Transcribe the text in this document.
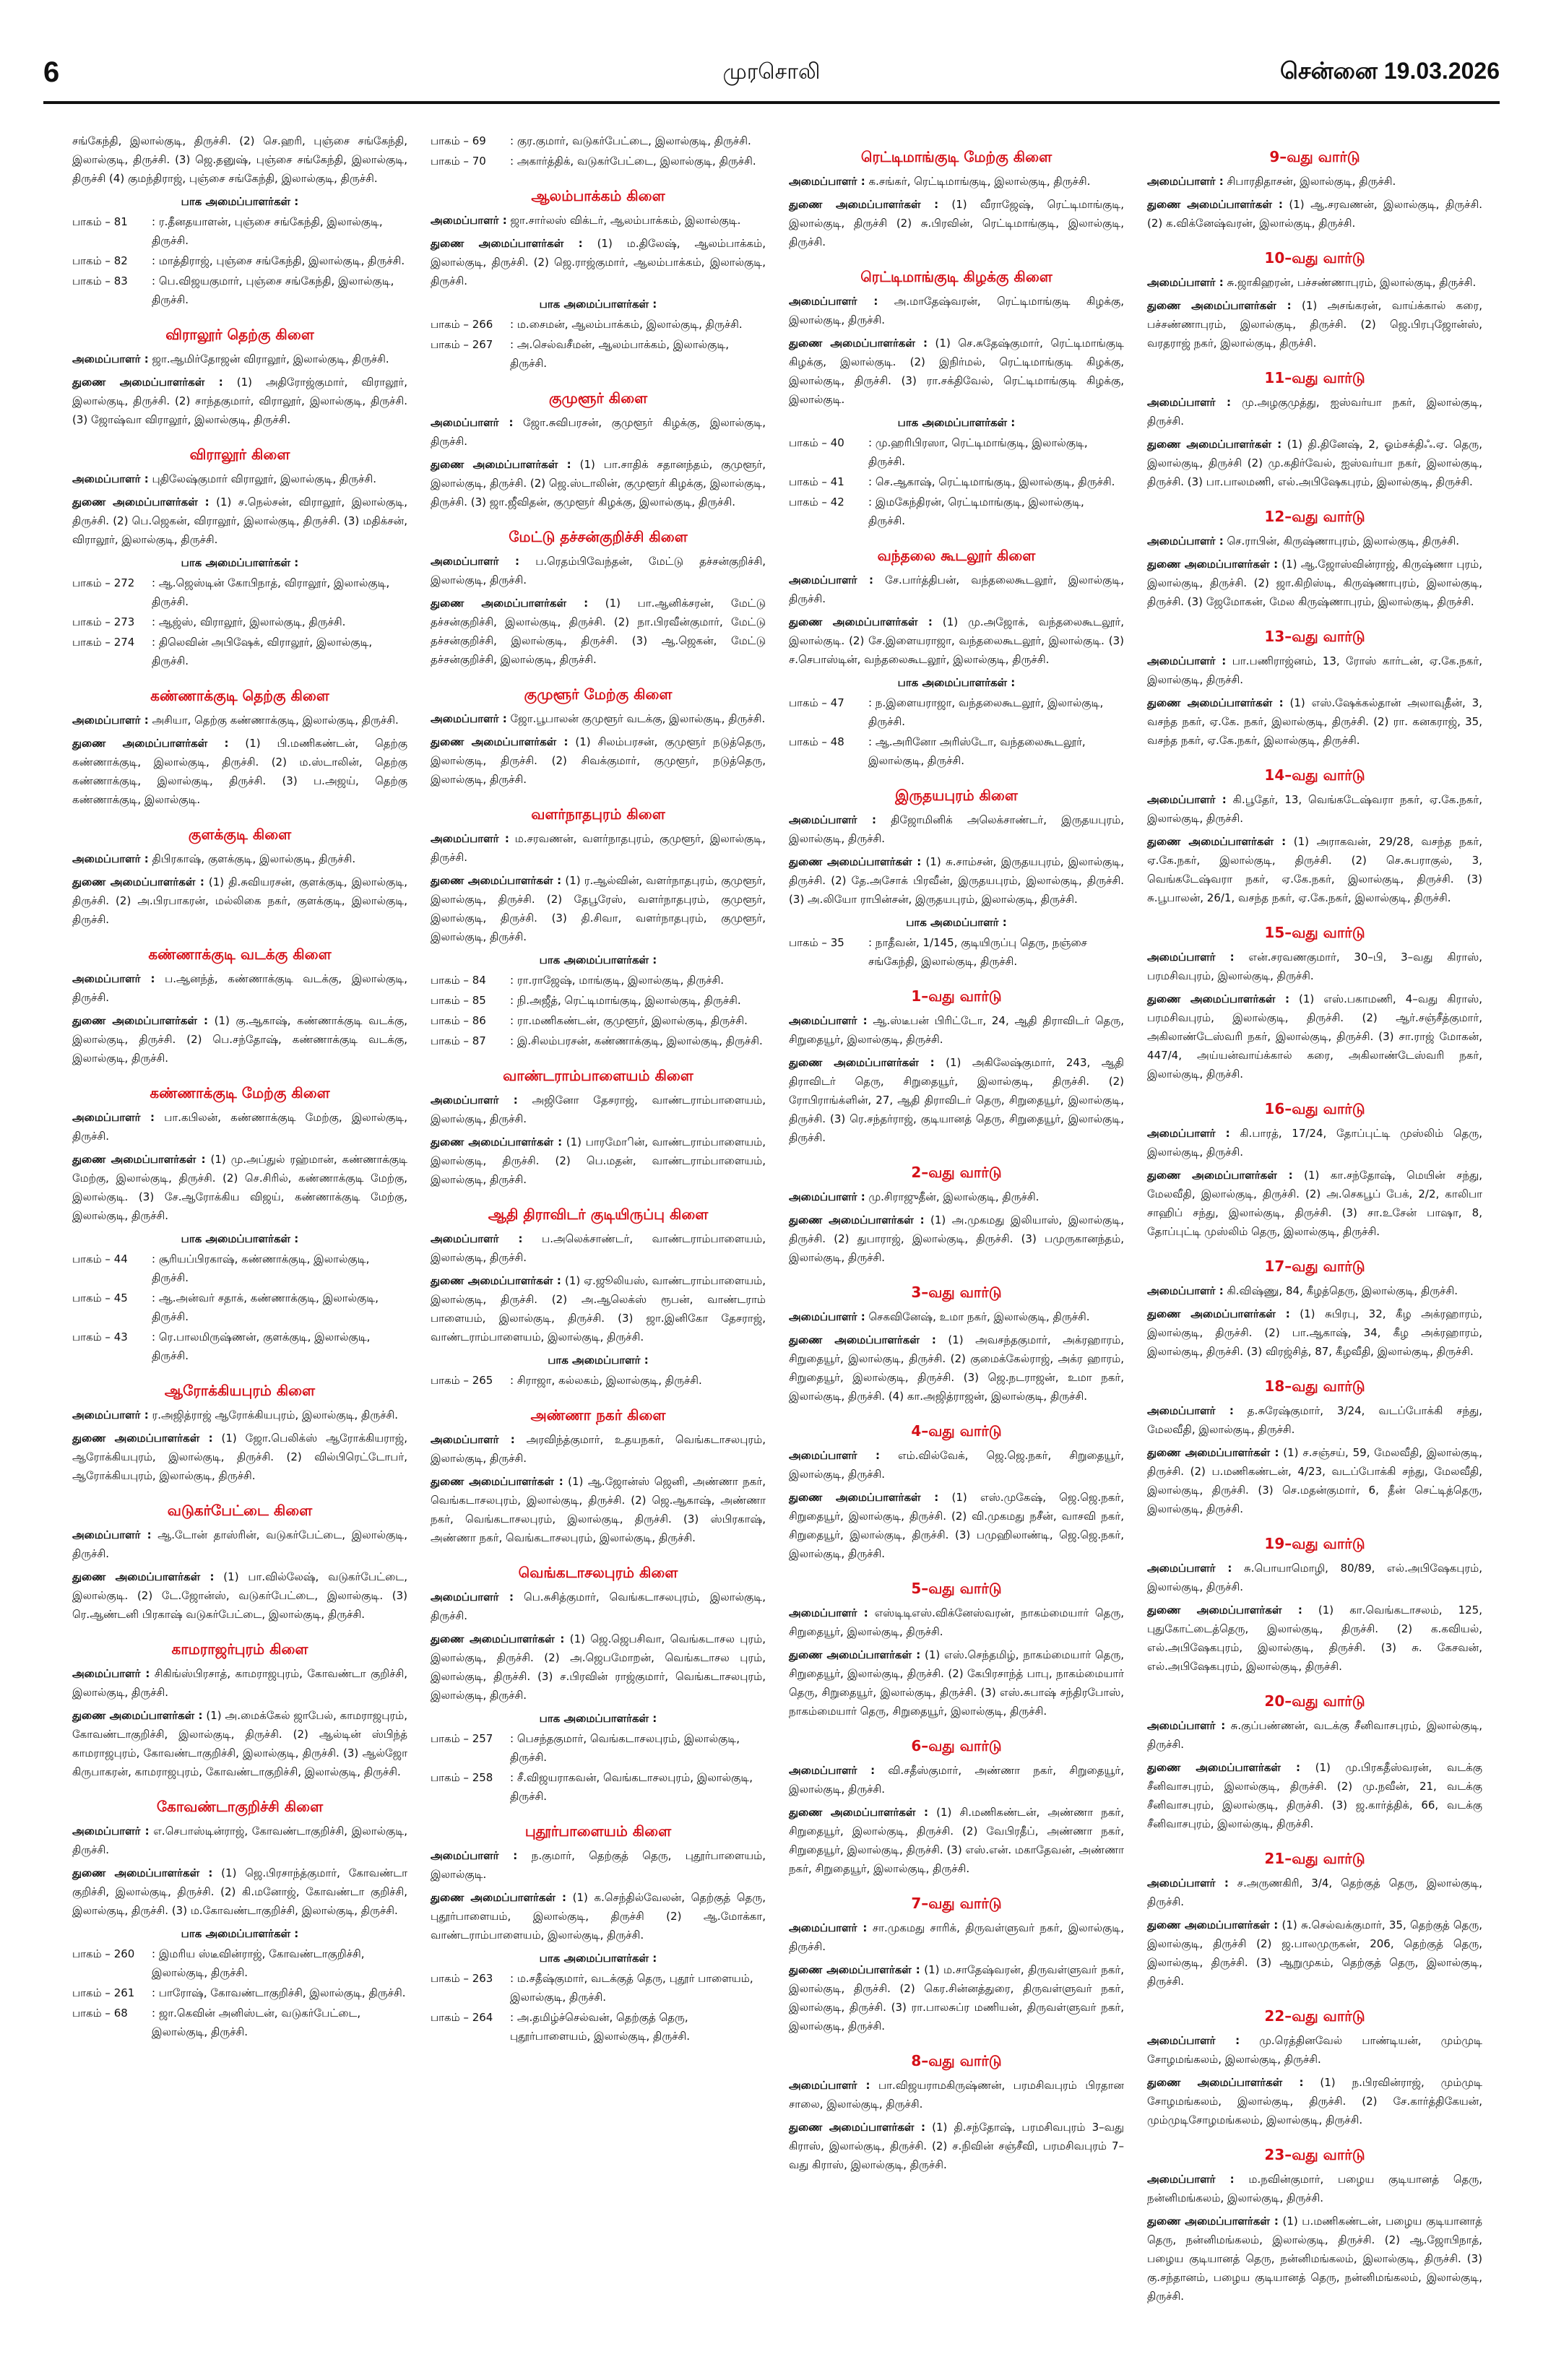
6	முரசொலி	சென்னை 19.03.2026
சங்கேந்தி, இலால்குடி, திருச்சி. (2) செ.ஹரி, புஞ்சை சங்கேந்தி, இலால்குடி, திருச்சி. (3) ஜெ.தனுஷ், புஞ்சை சங்கேந்தி, இலால்குடி, திருச்சி (4) குமந்திராஜ், புஞ்சை சங்கேந்தி, இலால்குடி, திருச்சி.
பாக அமைப்பாளர்கள் :
பாகம் – 81	: ர.தீனதயாளன், புஞ்சை சங்கேந்தி, இலால்குடி, திருச்சி.
பாகம் – 82	: மாத்திராஜ், புஞ்சை சங்கேந்தி, இலால்குடி, திருச்சி.
பாகம் – 83	: பெ.விஜயகுமார், புஞ்சை சங்கேந்தி, இலால்குடி, திருச்சி.
விராலூர் தெற்கு கிளை
அமைப்பாளர் : ஜா.ஆமிர்தோஜன் விராலூர், இலால்குடி, திருச்சி.
துணை அமைப்பாளர்கள் : (1) அதிரோஜ்குமார், விராலூர், இலால்குடி, திருச்சி. (2) சாந்தகுமார், விராலூர், இலால்குடி, திருச்சி. (3) ஜோஷ்வா விராலூர், இலால்குடி, திருச்சி.
விராலூர் கிளை
அமைப்பாளர் : புதிலேஷ்குமார் விராலூர், இலால்குடி, திருச்சி.
துணை அமைப்பாளர்கள் : (1) ச.நெல்சன், விராலூர், இலால்குடி, திருச்சி. (2) பெ.ஜெகன், விராலூர், இலால்குடி, திருச்சி. (3) மதிக்சன், விராலூர், இலால்குடி, திருச்சி.
பாக அமைப்பாளர்கள் :
பாகம் – 272	: ஆ.ஜெஸ்டின் கோபிநாத், விராலூர், இலால்குடி, திருச்சி.
பாகம் – 273	: ஆஜ்ஸ், விராலூர், இலால்குடி, திருச்சி.
பாகம் – 274	: திலெவின் அபிஷேக், விராலூர், இலால்குடி, திருச்சி.
கண்ணாக்குடி தெற்கு கிளை
அமைப்பாளர் : அசியா, தெற்கு கண்ணாக்குடி, இலால்குடி, திருச்சி.
துணை அமைப்பாளர்கள் : (1) பி.மணிகண்டன், தெற்கு கண்ணாக்குடி, இலால்குடி, திருச்சி. (2) ம.ஸ்டாலின், தெற்கு கண்ணாக்குடி, இலால்குடி, திருச்சி. (3) ப.அஜய், தெற்கு கண்ணாக்குடி, இலால்குடி.
குளக்குடி கிளை
அமைப்பாளர் : திபிரகாஷ், குளக்குடி, இலால்குடி, திருச்சி.
துணை அமைப்பாளர்கள் : (1) தி.சுவியரசன், குளக்குடி, இலால்குடி, திருச்சி. (2) அ.பிரபாகரன், மல்லிகை நகர், குளக்குடி, இலால்குடி, திருச்சி.
கண்ணாக்குடி வடக்கு கிளை
அமைப்பாளர் : ப.ஆனந்த், கண்ணாக்குடி வடக்கு, இலால்குடி, திருச்சி.
துணை அமைப்பாளர்கள் : (1) கு.ஆகாஷ், கண்ணாக்குடி வடக்கு, இலால்குடி, திருச்சி. (2) பெ.சந்தோஷ், கண்ணாக்குடி வடக்கு, இலால்குடி, திருச்சி.
கண்ணாக்குடி மேற்கு கிளை
அமைப்பாளர் : பா.கபிலன், கண்ணாக்குடி மேற்கு, இலால்குடி, திருச்சி.
துணை அமைப்பாளர்கள் : (1) மு.அப்துல் ரஹ்மான், கண்ணாக்குடி மேற்கு, இலால்குடி, திருச்சி. (2) செ.சிரில், கண்ணாக்குடி மேற்கு, இலால்குடி. (3) சே.ஆரோக்கிய விஜய், கண்ணாக்குடி மேற்கு, இலால்குடி, திருச்சி.
பாக அமைப்பாளர்கள் :
பாகம் – 44	: சூரியப்பிரகாஷ், கண்ணாக்குடி, இலால்குடி, திருச்சி.
பாகம் – 45	: ஆ.அன்வர் சதாக், கண்ணாக்குடி, இலால்குடி, திருச்சி.
பாகம் – 43	: ரெ.பாலமிருஷ்ணன், குளக்குடி, இலால்குடி, திருச்சி.
ஆரோக்கியபுரம் கிளை
அமைப்பாளர் : ர.அஜித்ராஜ் ஆரோக்கியபுரம், இலால்குடி, திருச்சி.
துணை அமைப்பாளர்கள் : (1) ஜோ.பெலிக்ஸ் ஆரோக்கியராஜ், ஆரோக்கியபுரம், இலால்குடி, திருச்சி. (2) வில்பிரெட்டோபர், ஆரோக்கியபுரம், இலால்குடி, திருச்சி.
வடுகர்பேட்டை கிளை
அமைப்பாளர் : ஆ.டோன் தாஸ்ரின், வடுகர்பேட்டை, இலால்குடி, திருச்சி.
துணை அமைப்பாளர்கள் : (1) பா.வில்லேஷ், வடுகர்பேட்டை, இலால்குடி. (2) டே.ஜோன்ஸ், வடுகர்பேட்டை, இலால்குடி. (3) ரெ.ஆண்டனி பிரகாஷ் வடுகர்பேட்டை, இலால்குடி, திருச்சி.
காமராஜர்புரம் கிளை
அமைப்பாளர் : சிகிங்ஸ்பிரசாத், காமராஜபுரம், கோவண்டா குறிச்சி, இலால்குடி, திருச்சி.
துணை அமைப்பாளர்கள் : (1) அ.மைக்கேல் ஜாபேல், காமராஜபுரம், கோவண்டாகுறிச்சி, இலால்குடி, திருச்சி. (2) ஆல்டின் ஸ்பிந்த் காமராஜபுரம், கோவண்டாகுறிச்சி, இலால்குடி, திருச்சி. (3) ஆல்ஜோ கிருபாகரன், காமராஜபுரம், கோவண்டாகுறிச்சி, இலால்குடி, திருச்சி.
கோவண்டாகுறிச்சி கிளை
அமைப்பாளர் : எ.செபாஸ்டின்ராஜ், கோவண்டாகுறிச்சி, இலால்குடி, திருச்சி.
துணை அமைப்பாளர்கள் : (1) ஜெ.பிரசாந்த்குமார், கோவண்டா குறிச்சி, இலால்குடி, திருச்சி. (2) கி.மனோஜ், கோவண்டா குறிச்சி, இலால்குடி, திருச்சி. (3) ம.கோவண்டாகுறிச்சி, இலால்குடி, திருச்சி.
பாக அமைப்பாளர்கள் :
பாகம் – 260	: இமரிய ஸ்டீவின்ராஜ், கோவண்டாகுறிச்சி, இலால்குடி, திருச்சி.
பாகம் – 261	: பாரோஷ், கோவண்டாகுறிச்சி, இலால்குடி, திருச்சி.
பாகம் – 68	: ஜா.கெவின் அனிஸ்டன், வடுகர்பேட்டை, இலால்குடி, திருச்சி.
பாகம் – 69	: குர.குமார், வடுகர்பேட்டை, இலால்குடி, திருச்சி.
பாகம் – 70	: அகார்த்திக், வடுகர்பேட்டை, இலால்குடி, திருச்சி.
ஆலம்பாக்கம் கிளை
அமைப்பாளர் : ஜா.சார்லஸ் விக்டர், ஆலம்பாக்கம், இலால்குடி.
துணை அமைப்பாளர்கள் : (1) ம.திலேஷ், ஆலம்பாக்கம், இலால்குடி, திருச்சி. (2) ஜெ.ராஜ்குமார், ஆலம்பாக்கம், இலால்குடி, திருச்சி.
பாக அமைப்பாளர்கள் :
பாகம் – 266	: ம.சைமன், ஆலம்பாக்கம், இலால்குடி, திருச்சி.
பாகம் – 267	: அ.செல்வசீமன், ஆலம்பாக்கம், இலால்குடி, திருச்சி.
குமுளூர் கிளை
அமைப்பாளர் : ஜோ.சுவிபரசன், குமுளூர் கிழக்கு, இலால்குடி, திருச்சி.
துணை அமைப்பாளர்கள் : (1) பா.சாதிக் சதானந்தம், குமுளூர், இலால்குடி, திருச்சி. (2) ஜெ.ஸ்டாலின், குமுளூர் கிழக்கு, இலால்குடி, திருச்சி. (3) ஜா.ஜீவிதன், குமுளூர் கிழக்கு, இலால்குடி, திருச்சி.
மேட்டு தச்சன்குறிச்சி கிளை
அமைப்பாளர் : ப.ரெதம்பிவேந்தன், மேட்டு தச்சன்குறிச்சி, இலால்குடி, திருச்சி.
துணை அமைப்பாளர்கள் : (1) பா.ஆனிக்சரன், மேட்டு தச்சன்குறிச்சி, இலால்குடி, திருச்சி. (2) நா.பிரவீன்குமார், மேட்டு தச்சன்குறிச்சி, இலால்குடி, திருச்சி. (3) ஆ.ஜெகன், மேட்டு தச்சன்குறிச்சி, இலால்குடி, திருச்சி.
குமுளூர் மேற்கு கிளை
அமைப்பாளர் : ஜோ.பூபாலன் குமுளூர் வடக்கு, இலால்குடி, திருச்சி.
துணை அமைப்பாளர்கள் : (1) சிலம்பரசன், குமுளூர் நடுத்தெரு, இலால்குடி, திருச்சி. (2) சிவக்குமார், குமுளூர், நடுத்தெரு, இலால்குடி, திருச்சி.
வளர்நாதபுரம் கிளை
அமைப்பாளர் : ம.சரவணன், வளர்நாதபுரம், குமுளூர், இலால்குடி, திருச்சி.
துணை அமைப்பாளர்கள் : (1) ர.ஆல்வின், வளர்நாதபுரம், குமுளூர், இலால்குடி, திருச்சி. (2) தேபூரேஸ், வளர்நாதபுரம், குமுளூர், இலால்குடி, திருச்சி. (3) தி.சிவா, வளர்நாதபுரம், குமுளூர், இலால்குடி, திருச்சி.
பாக அமைப்பாளர்கள் :
பாகம் – 84	: ரா.ராஜேஷ், மாங்குடி, இலால்குடி, திருச்சி.
பாகம் – 85	: நி.அஜீத், ரெட்டிமாங்குடி, இலால்குடி, திருச்சி.
பாகம் – 86	: ரா.மணிகண்டன், குமுளூர், இலால்குடி, திருச்சி.
பாகம் – 87	: இ.சிலம்பரசன், கண்ணாக்குடி, இலால்குடி, திருச்சி.
வாண்டராம்பாளையம் கிளை
அமைப்பாளர் : அஜினோ தேசராஜ், வாண்டராம்பாளையம், இலால்குடி, திருச்சி.
துணை அமைப்பாளர்கள் : (1) பாரமோின், வாண்டராம்பாளையம், இலால்குடி, திருச்சி. (2) பெ.மதன், வாண்டராம்பாளையம், இலால்குடி, திருச்சி.
ஆதி திராவிடர் குடியிருப்பு கிளை
அமைப்பாளர் : ப.அலெக்சாண்டர், வாண்டராம்பாளையம், இலால்குடி, திருச்சி.
துணை அமைப்பாளர்கள் : (1) ஏ.ஜூலியஸ், வாண்டராம்பாளையம், இலால்குடி, திருச்சி. (2) அ.ஆலெக்ஸ் ரூபன், வாண்டராம் பாளையம், இலால்குடி, திருச்சி. (3) ஜா.இனிகோ தேசராஜ், வாண்டராம்பாளையம், இலால்குடி, திருச்சி.
பாக அமைப்பாளர் :
பாகம் – 265	: சிராஜா, கல்லகம், இலால்குடி, திருச்சி.
அண்ணா நகர் கிளை
அமைப்பாளர் : அரவிந்த்குமார், உதயநகர், வெங்கடாசலபுரம், இலால்குடி, திருச்சி.
துணை அமைப்பாளர்கள் : (1) ஆ.ஜோன்ஸ் ஜெனி, அண்ணா நகர், வெங்கடாசலபுரம், இலால்குடி, திருச்சி. (2) ஜெ.ஆகாஷ், அண்ணா நகர், வெங்கடாசலபுரம், இலால்குடி, திருச்சி. (3) ஸ்பிரகாஷ், அண்ணா நகர், வெங்கடாசலபுரம், இலால்குடி, திருச்சி.
வெங்கடாசலபுரம் கிளை
அமைப்பாளர் : பெ.சுசித்குமார், வெங்கடாசலபுரம், இலால்குடி, திருச்சி.
துணை அமைப்பாளர்கள் : (1) ஜெ.ஜெபசிவா, வெங்கடாசல புரம், இலால்குடி, திருச்சி. (2) அ.ஜெபமோறன், வெங்கடாசல புரம், இலால்குடி, திருச்சி. (3) ச.பிரவின் ராஜ்குமார், வெங்கடாசலபுரம், இலால்குடி, திருச்சி.
பாக அமைப்பாளர்கள் :
பாகம் – 257	: பெசந்தகுமார், வெங்கடாசலபுரம், இலால்குடி, திருச்சி.
பாகம் – 258	: சீ.விஜயராகவன், வெங்கடாசலபுரம், இலால்குடி, திருச்சி.
புதூர்பாளையம் கிளை
அமைப்பாளர் : ந.குமார், தெற்குத் தெரு, புதூர்பாளையம், இலால்குடி.
துணை அமைப்பாளர்கள் : (1) க.செந்தில்வேலன், தெற்குத் தெரு, புதூர்பாளையம், இலால்குடி, திருச்சி (2) ஆ.மோக்கா, வாண்டராம்பாளையம், இலால்குடி, திருச்சி.
பாக அமைப்பாளர்கள் :
பாகம் – 263	: ம.சதீஷ்குமார், வடக்குத் தெரு, புதூர் பாளையம், இலால்குடி, திருச்சி.
பாகம் – 264	: அ.தமிழ்ச்செல்வன், தெற்குத் தெரு, புதூர்பாளையம், இலால்குடி, திருச்சி.
ரெட்டிமாங்குடி மேற்கு கிளை
அமைப்பாளர் : க.சங்கர், ரெட்டிமாங்குடி, இலால்குடி, திருச்சி.
துணை அமைப்பாளர்கள் : (1) வீராஜேஷ், ரெட்டிமாங்குடி, இலால்குடி, திருச்சி (2) சு.பிரவின், ரெட்டிமாங்குடி, இலால்குடி, திருச்சி.
ரெட்டிமாங்குடி கிழக்கு கிளை
அமைப்பாளர் : அ.மாதேஷ்வரன், ரெட்டிமாங்குடி கிழக்கு, இலால்குடி, திருச்சி.
துணை அமைப்பாளர்கள் : (1) செ.சுதேஷ்குமார், ரெட்டிமாங்குடி கிழக்கு, இலால்குடி. (2) இநிர்மல், ரெட்டிமாங்குடி கிழக்கு, இலால்குடி, திருச்சி. (3) ரா.சக்திவேல், ரெட்டிமாங்குடி கிழக்கு, இலால்குடி.
பாக அமைப்பாளர்கள் :
பாகம் – 40	: மு.ஹரிபிரஸா, ரெட்டிமாங்குடி, இலால்குடி, திருச்சி.
பாகம் – 41	: செ.ஆகாஷ், ரெட்டிமாங்குடி, இலால்குடி, திருச்சி.
பாகம் – 42	: இமகேந்திரன், ரெட்டிமாங்குடி, இலால்குடி, திருச்சி.
வந்தலை கூடலூர் கிளை
அமைப்பாளர் : சே.பார்த்திபன், வந்தலைகூடலூர், இலால்குடி, திருச்சி.
துணை அமைப்பாளர்கள் : (1) மு.அஜோக், வந்தலைகூடலூர், இலால்குடி. (2) சே.இளையராஜா, வந்தலைகூடலூர், இலால்குடி. (3) ச.செபாஸ்டின், வந்தலைகூடலூர், இலால்குடி, திருச்சி.
பாக அமைப்பாளர்கள் :
பாகம் – 47	: ந.இளையராஜா, வந்தலைகூடலூர், இலால்குடி, திருச்சி.
பாகம் – 48	: ஆ.அரினோ அரிஸ்டோ, வந்தலைகூடலூர், இலால்குடி, திருச்சி.
இருதயபுரம் கிளை
அமைப்பாளர் : திஜோமினிக் அலெக்சாண்டர், இருதயபுரம், இலால்குடி, திருச்சி.
துணை அமைப்பாளர்கள் : (1) சு.சாம்சன், இருதயபுரம், இலால்குடி, திருச்சி. (2) தே.அசோக் பிரவீன், இருதயபுரம், இலால்குடி, திருச்சி. (3) அ.லியோ ராபின்சன், இருதயபுரம், இலால்குடி, திருச்சி.
பாக அமைப்பாளர் :
பாகம் – 35	: நாதீவன், 1/145, குடியிருப்பு தெரு, நஞ்சை சங்கேந்தி, இலால்குடி, திருச்சி.
1–வது வார்டு
அமைப்பாளர் : ஆ.ஸ்டீபன் பிரிட்டோ, 24, ஆதி திராவிடர் தெரு, சிறுதையூர், இலால்குடி, திருச்சி.
துணை அமைப்பாளர்கள் : (1) அகிலேஷ்குமார், 243, ஆதி திராவிடர் தெரு, சிறுதையூர், இலால்குடி, திருச்சி. (2) ரோபிராங்க்ளின், 27, ஆதி திராவிடர் தெரு, சிறுதையூர், இலால்குடி, திருச்சி. (3) ரெ.சந்தர்ராஜ், குடியானத் தெரு, சிறுதையூர், இலால்குடி, திருச்சி.
2–வது வார்டு
அமைப்பாளர் : மு.சிராஜுதீன், இலால்குடி, திருச்சி.
துணை அமைப்பாளர்கள் : (1) அ.முகமது இலியாஸ், இலால்குடி, திருச்சி. (2) துபாராஜ், இலால்குடி, திருச்சி. (3) பமுருகானந்தம், இலால்குடி, திருச்சி.
3–வது வார்டு
அமைப்பாளர் : செகவினேஷ், உமா நகர், இலால்குடி, திருச்சி.
துணை அமைப்பாளர்கள் : (1) அவசந்தகுமார், அக்ரஹாரம், சிறுதையூர், இலால்குடி, திருச்சி. (2) குமைக்கேல்ராஜ், அக்ர ஹாரம், சிறுதையூர், இலால்குடி, திருச்சி. (3) ஜெ.நடராஜன், உமா நகர், இலால்குடி, திருச்சி. (4) கா.அஜித்ராஜன், இலால்குடி, திருச்சி.
4–வது வார்டு
அமைப்பாளர் : எம்.வில்வேக், ஜெ.ஜெ.நகர், சிறுதையூர், இலால்குடி, திருச்சி.
துணை அமைப்பாளர்கள் : (1) எஸ்.முகேஷ், ஜெ.ஜெ.நகர், சிறுதையூர், இலால்குடி, திருச்சி. (2) வி.முகமது நசீன், வாசவி நகர், சிறுதையூர், இலால்குடி, திருச்சி. (3) பமுஹிலாண்டி, ஜெ.ஜெ.நகர், இலால்குடி, திருச்சி.
5–வது வார்டு
அமைப்பாளர் : எஸ்டிடிஎஸ்.விக்னேஸ்வரன், நாகம்மையார் தெரு, சிறுதையூர், இலால்குடி, திருச்சி.
துணை அமைப்பாளர்கள் : (1) எஸ்.செந்தமிழ், நாகம்மையார் தெரு, சிறுதையூர், இலால்குடி, திருச்சி. (2) கேபிரசாந்த் பாபு, நாகம்மையார் தெரு, சிறுதையூர், இலால்குடி, திருச்சி. (3) எஸ்.சுபாஷ் சந்திரபோஸ், நாகம்மையார் தெரு, சிறுதையூர், இலால்குடி, திருச்சி.
6–வது வார்டு
அமைப்பாளர் : வி.சதீஸ்குமார், அண்ணா நகர், சிறுதையூர், இலால்குடி, திருச்சி.
துணை அமைப்பாளர்கள் : (1) சி.மணிகண்டன், அண்ணா நகர், சிறுதையூர், இலால்குடி, திருச்சி. (2) வேபிரதீப், அண்ணா நகர், சிறுதையூர், இலால்குடி, திருச்சி. (3) எஸ்.என். மகாதேவன், அண்ணா நகர், சிறுதையூர், இலால்குடி, திருச்சி.
7–வது வார்டு
அமைப்பாளர் : சா.முகமது சாரிக், திருவள்ளுவர் நகர், இலால்குடி, திருச்சி.
துணை அமைப்பாளர்கள் : (1) ம.சாதேஷ்வரன், திருவள்ளுவர் நகர், இலால்குடி, திருச்சி. (2) கெர.சின்னத்துரை, திருவள்ளுவர் நகர், இலால்குடி, திருச்சி. (3) ரா.பாலசுப்ர மணியன், திருவள்ளுவர் நகர், இலால்குடி, திருச்சி.
8–வது வார்டு
அமைப்பாளர் : பா.விஜயராமகிருஷ்ணன், பரமசிவபுரம் பிரதான சாலை, இலால்குடி, திருச்சி.
துணை அமைப்பாளர்கள் : (1) தி.சந்தோஷ், பரமசிவபுரம் 3–வது கிராஸ், இலால்குடி, திருச்சி. (2) ச.நிவின் சஞ்சீவி, பரமசிவபுரம் 7–வது கிராஸ், இலால்குடி, திருச்சி.
9–வது வார்டு
அமைப்பாளர் : சிபாரதிதாசன், இலால்குடி, திருச்சி.
துணை அமைப்பாளர்கள் : (1) ஆ.சரவணன், இலால்குடி, திருச்சி. (2) க.விக்னேஷ்வரன், இலால்குடி, திருச்சி.
10–வது வார்டு
அமைப்பாளர் : சு.ஜாகிஹரன், பச்சண்ணாபுரம், இலால்குடி, திருச்சி.
துணை அமைப்பாளர்கள் : (1) அசங்கரன், வாய்க்கால் கரை, பச்சண்ணாபுரம், இலால்குடி, திருச்சி. (2) ஜெ.பிரபுஜோன்ஸ், வரதராஜ் நகர், இலால்குடி, திருச்சி.
11–வது வார்டு
அமைப்பாளர் : மு.அழகுமுத்து, ஐஸ்வர்யா நகர், இலால்குடி, திருச்சி.
துணை அமைப்பாளர்கள் : (1) தி.தினேஷ், 2, ஓம்சக்திஃ.ஏ. தெரு, இலால்குடி, திருச்சி (2) மு.கதிர்வேல், ஐஸ்வர்யா நகர், இலால்குடி, திருச்சி. (3) பா.பாலமணி, எல்.அபிஷேகபுரம், இலால்குடி, திருச்சி.
12–வது வார்டு
அமைப்பாளர் : செ.ராபின், கிருஷ்ணாபுரம், இலால்குடி, திருச்சி.
துணை அமைப்பாளர்கள் : (1) ஆ.ஜோஸ்வின்ராஜ், கிருஷ்ணா புரம், இலால்குடி, திருச்சி. (2) ஜா.கிறிஸ்டி, கிருஷ்ணாபுரம், இலால்குடி, திருச்சி. (3) ஜேமோகன், மேல கிருஷ்ணாபுரம், இலால்குடி, திருச்சி.
13–வது வார்டு
அமைப்பாளர் : பா.பணிராஜ்னம், 13, ரோஸ் கார்டன், ஏ.கே.நகர், இலால்குடி, திருச்சி.
துணை அமைப்பாளர்கள் : (1) எஸ்.ஷேக்கல்தான் அலாவுதீன், 3, வசந்த நகர், ஏ.கே. நகர், இலால்குடி, திருச்சி. (2) ரா. கனகராஜ், 35, வசந்த நகர், ஏ.கே.நகர், இலால்குடி, திருச்சி.
14–வது வார்டு
அமைப்பாளர் : கி.பூதேர், 13, வெங்கடேஷ்வரா நகர், ஏ.கே.நகர், இலால்குடி, திருச்சி.
துணை அமைப்பாளர்கள் : (1) அராகவன், 29/28, வசந்த நகர், ஏ.கே.நகர், இலால்குடி, திருச்சி. (2) செ.சுபராகுல், 3, வெங்கடேஷ்வரா நகர், ஏ.கே.நகர், இலால்குடி, திருச்சி. (3) சு.பூபாலன், 26/1, வசந்த நகர், ஏ.கே.நகர், இலால்குடி, திருச்சி.
15–வது வார்டு
அமைப்பாளர் : என்.சரவணகுமார், 30–பி, 3–வது கிராஸ், பரமசிவபுரம், இலால்குடி, திருச்சி.
துணை அமைப்பாளர்கள் : (1) எஸ்.பகாமணி, 4–வது கிராஸ், பரமசிவபுரம், இலால்குடி, திருச்சி. (2) ஆர்.சஞ்சீத்குமார், அகிலாண்டேஸ்வரி நகர், இலால்குடி, திருச்சி. (3) சா.ராஜ் மோகன், 447/4, அய்யன்வாய்க்கால் கரை, அகிலாண்டேஸ்வரி நகர், இலால்குடி, திருச்சி.
16–வது வார்டு
அமைப்பாளர் : கி.பாரத், 17/24, தோப்புட்டி முஸ்லிம் தெரு, இலால்குடி, திருச்சி.
துணை அமைப்பாளர்கள் : (1) கா.சந்தோஷ், மெயின் சந்து, மேலவீதி, இலால்குடி, திருச்சி. (2) அ.செகபூப் பேக், 2/2, காலிபா சாஹிப் சந்து, இலால்குடி, திருச்சி. (3) சா.உசேன் பாஷா, 8, தோப்புட்டி முஸ்லிம் தெரு, இலால்குடி, திருச்சி.
17–வது வார்டு
அமைப்பாளர் : கி.விஷ்ணு, 84, கீழத்தெரு, இலால்குடி, திருச்சி.
துணை அமைப்பாளர்கள் : (1) சுபிரபு, 32, கீழ அக்ரஹாரம், இலால்குடி, திருச்சி. (2) பா.ஆகாஷ், 34, கீழ அக்ரஹாரம், இலால்குடி, திருச்சி. (3) விரஜ்சித், 87, கீழவீதி, இலால்குடி, திருச்சி.
18–வது வார்டு
அமைப்பாளர் : த.சுரேஷ்குமார், 3/24, வடப்போக்கி சந்து, மேலவீதி, இலால்குடி, திருச்சி.
துணை அமைப்பாளர்கள் : (1) ச.சஞ்சய், 59, மேலவீதி, இலால்குடி, திருச்சி. (2) ப.மணிகண்டன், 4/23, வடப்போக்கி சந்து, மேலவீதி, இலால்குடி, திருச்சி. (3) செ.மதன்குமார், 6, தீன் செட்டித்தெரு, இலால்குடி, திருச்சி.
19–வது வார்டு
அமைப்பாளர் : சு.பொயாமொழி, 80/89, எல்.அபிஷேகபுரம், இலால்குடி, திருச்சி.
துணை அமைப்பாளர்கள் : (1) கா.வெங்கடாசலம், 125, புதுகோட்டைத்தெரு, இலால்குடி, திருச்சி. (2) க.கவியல், எல்.அபிஷேகபுரம், இலால்குடி, திருச்சி. (3) சு. கேசவன், எல்.அபிஷேகபுரம், இலால்குடி, திருச்சி.
20–வது வார்டு
அமைப்பாளர் : சு.குப்பண்ணன், வடக்கு சீனிவாசபுரம், இலால்குடி, திருச்சி.
துணை அமைப்பாளர்கள் : (1) மு.பிரகதீஸ்வரன், வடக்கு சீனிவாசபுரம், இலால்குடி, திருச்சி. (2) மு.நவீன், 21, வடக்கு சீனிவாசபுரம், இலால்குடி, திருச்சி. (3) ஜ.கார்த்திக், 66, வடக்கு சீனிவாசபுரம், இலால்குடி, திருச்சி.
21–வது வார்டு
அமைப்பாளர் : ச.அருணகிரி, 3/4, தெற்குத் தெரு, இலால்குடி, திருச்சி.
துணை அமைப்பாளர்கள் : (1) சு.செல்வக்குமார், 35, தெற்குத் தெரு, இலால்குடி, திருச்சி (2) ஜ.பாலமுருகன், 206, தெற்குத் தெரு, இலால்குடி, திருச்சி. (3) ஆறுமுகம், தெற்குத் தெரு, இலால்குடி, திருச்சி.
22–வது வார்டு
அமைப்பாளர் : மு.ரெத்தினவேல் பாண்டியன், மும்முடி சோழமங்கலம், இலால்குடி, திருச்சி.
துணை அமைப்பாளர்கள் : (1) ந.பிரவின்ராஜ், மும்முடி சோழமங்கலம், இலால்குடி, திருச்சி. (2) சே.கார்த்திகேயன், மும்முடிசோழமங்கலம், இலால்குடி, திருச்சி.
23–வது வார்டு
அமைப்பாளர் : ம.நவின்குமார், பழைய குடியானத் தெரு, நன்னிமங்கலம், இலால்குடி, திருச்சி.
துணை அமைப்பாளர்கள் : (1) ப.மணிகண்டன், பழைய குடியானாத் தெரு, நன்னிமங்கலம், இலால்குடி, திருச்சி. (2) ஆ.ஜோபிநாத், பழைய குடியானத் தெரு, நன்னிமங்கலம், இலால்குடி, திருச்சி. (3) கு.சந்தானம், பழைய குடியானத் தெரு, நன்னிமங்கலம், இலால்குடி, திருச்சி.
